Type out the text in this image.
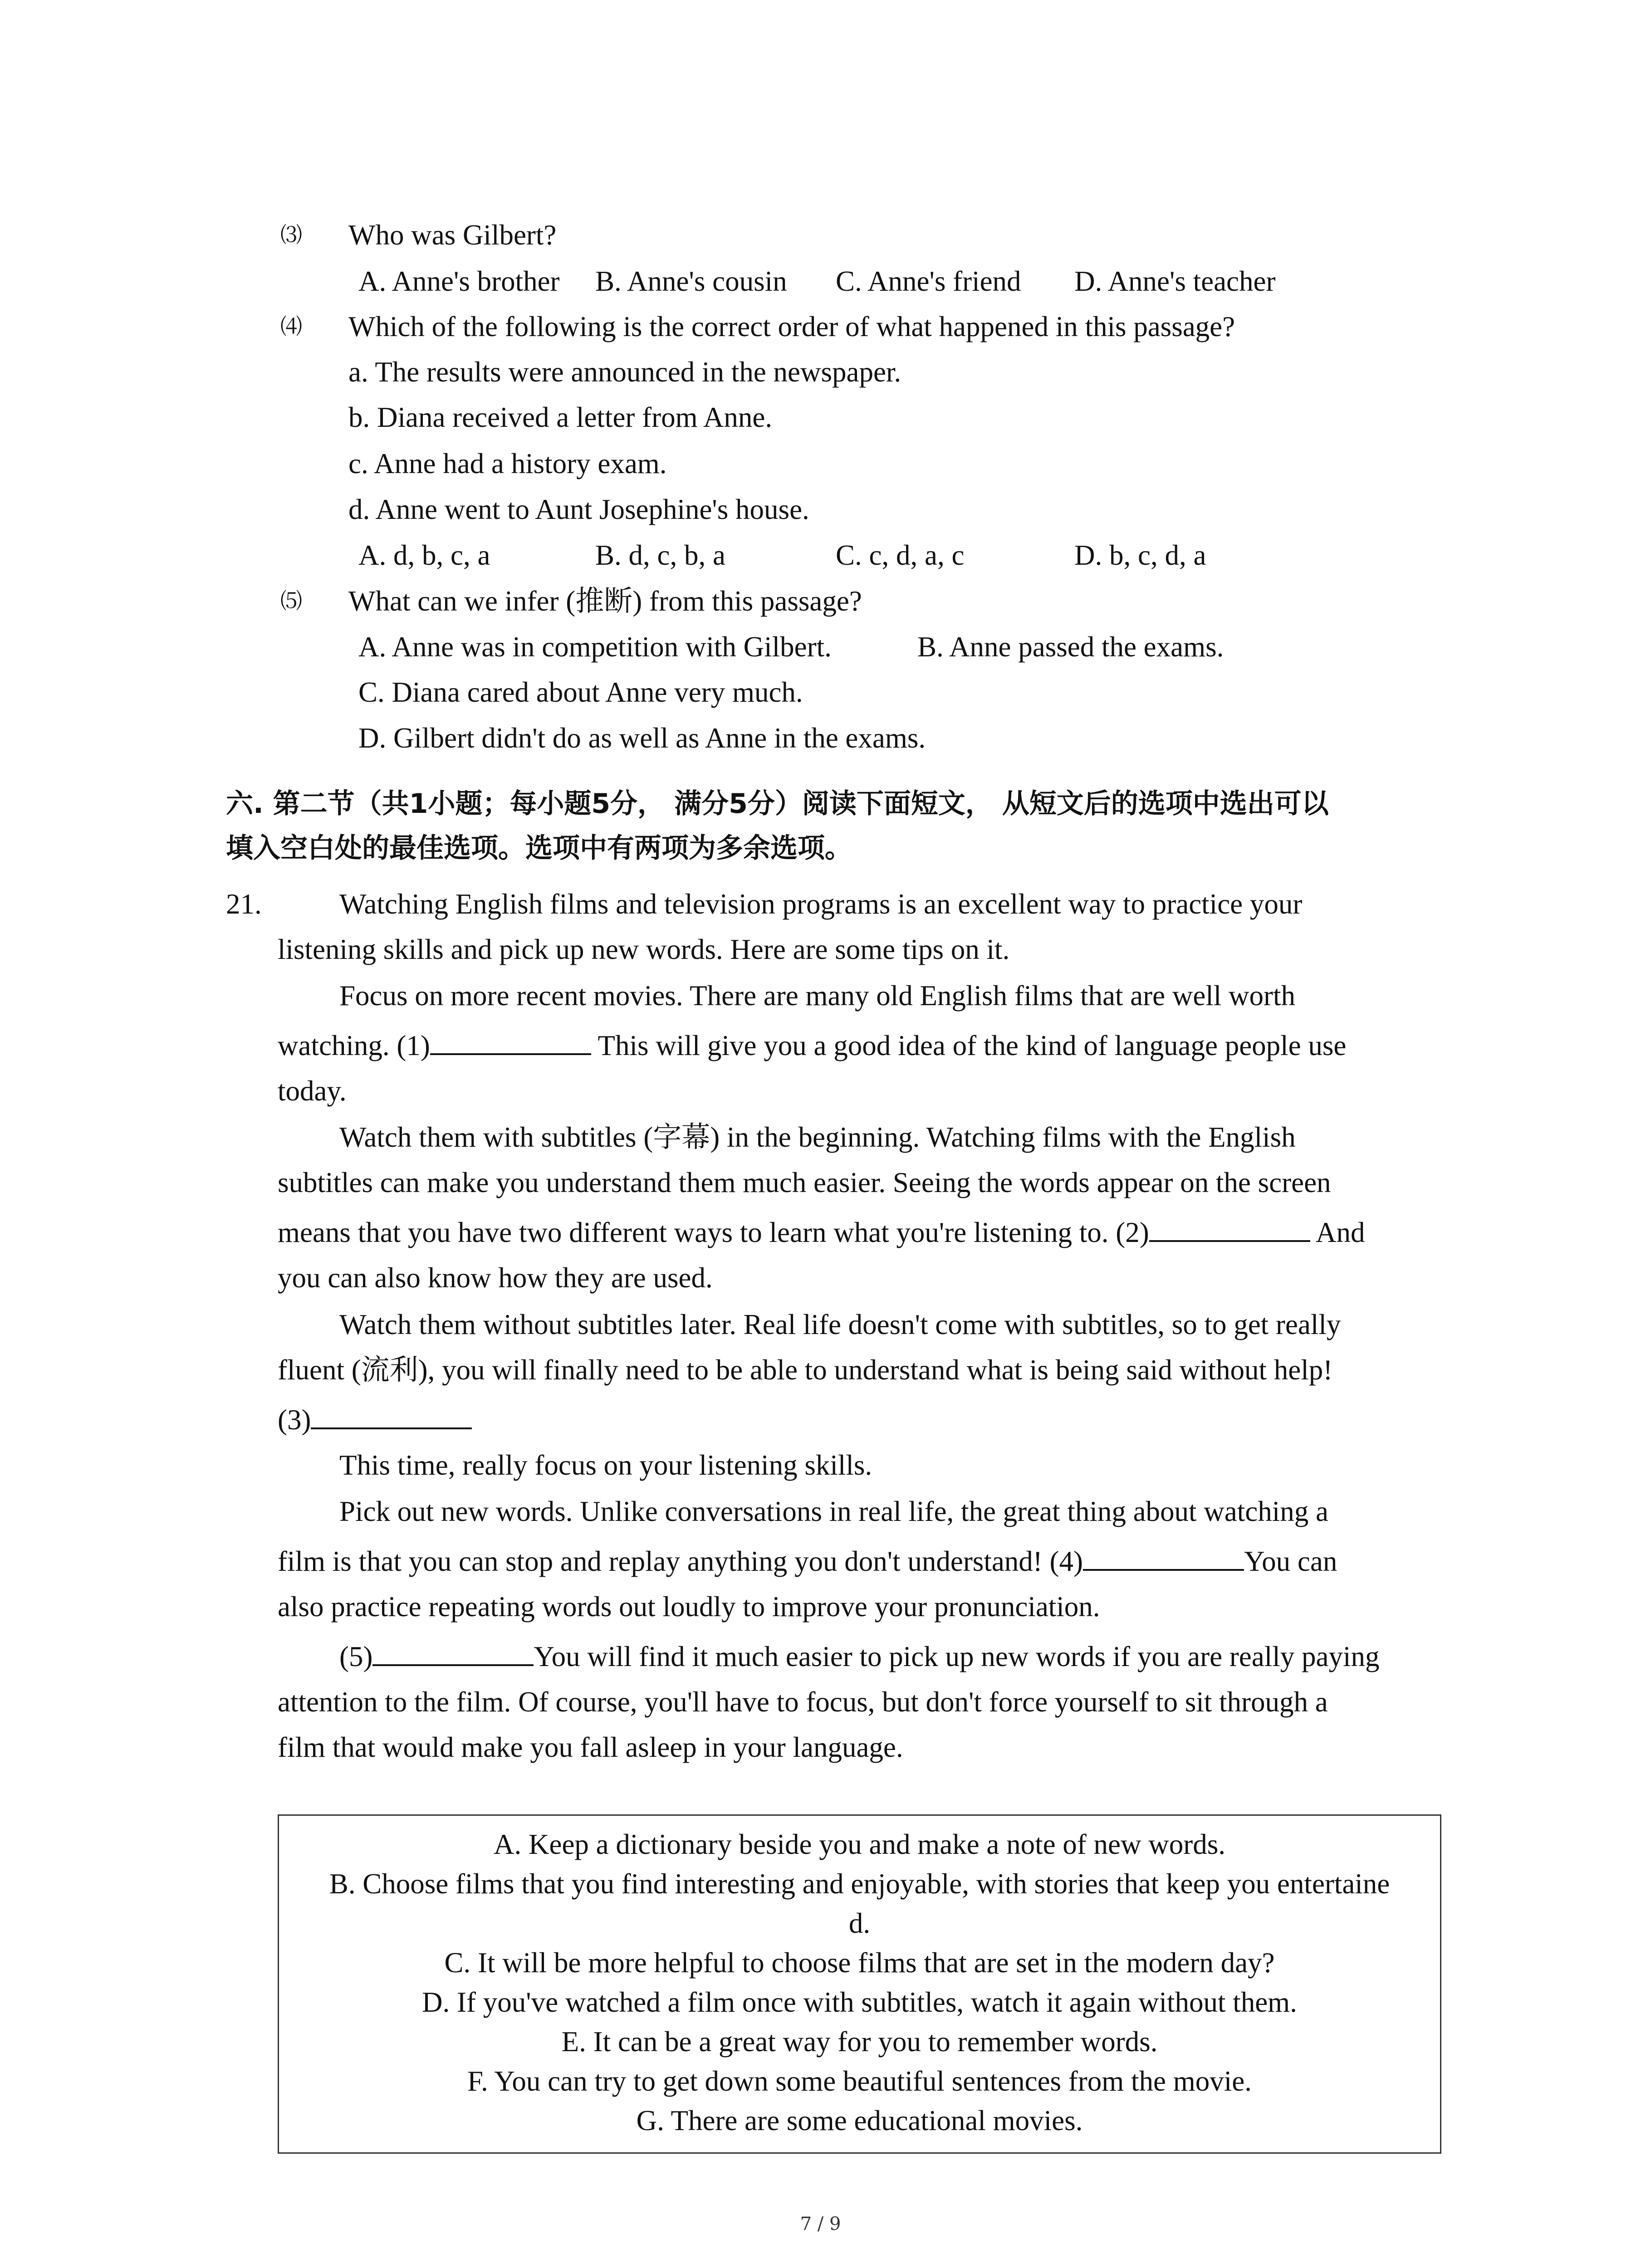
⑶ Who was Gilbert?
A. Anne's brother B. Anne's cousin C. Anne's friend D. Anne's teacher
⑷ Which of the following is the correct order of what happened in this passage?
a. The results were announced in the newspaper.
b. Diana received a letter from Anne.
c. Anne had a history exam.
d. Anne went to Aunt Josephine's house.
A. d, b, c, a	B. d, c, b, a	C. c, d, a, c	D. b, c, d, a
⑸ What can we infer (推断) from this passage?
A. Anne was in competition with Gilbert.	B. Anne passed the exams.
C. Diana cared about Anne very much.
D. Gilbert didn't do as well as Anne in the exams.
六. 第二节（共1小题；每小题5分， 满分5分）阅读下面短文， 从短文后的选项中选出可以
填入空白处的最佳选项。选项中有两项为多余选项。
21.	Watching English films and television programs is an excellent way to practice your
listening skills and pick up new words. Here are some tips on it.
Focus on more recent movies. There are many old English films that are well worth
watching. (1)	This will give you a good idea of the kind of language people use
today.
Watch them with subtitles (字幕) in the beginning. Watching films with the English
subtitles can make you understand them much easier. Seeing the words appear on the screen
means that you have two different ways to learn what you're listening to. (2)	And
you can also know how they are used.
Watch them without subtitles later. Real life doesn't come with subtitles, so to get really
fluent (流利), you will finally need to be able to understand what is being said without help!
(3)
This time, really focus on your listening skills.
Pick out new words. Unlike conversations in real life, the great thing about watching a
film is that you can stop and replay anything you don't understand! (4)	You can
also practice repeating words out loudly to improve your pronunciation.
(5)	You will find it much easier to pick up new words if you are really paying
attention to the film. Of course, you'll have to focus, but don't force yourself to sit through a
film that would make you fall asleep in your language.
A. Keep a dictionary beside you and make a note of new words.
B. Choose films that you find interesting and enjoyable, with stories that keep you entertaine
d.
C. It will be more helpful to choose films that are set in the modern day?
D. If you've watched a film once with subtitles, watch it again without them.
E. It can be a great way for you to remember words.
F. You can try to get down some beautiful sentences from the movie.
G. There are some educational movies.
7 / 9
